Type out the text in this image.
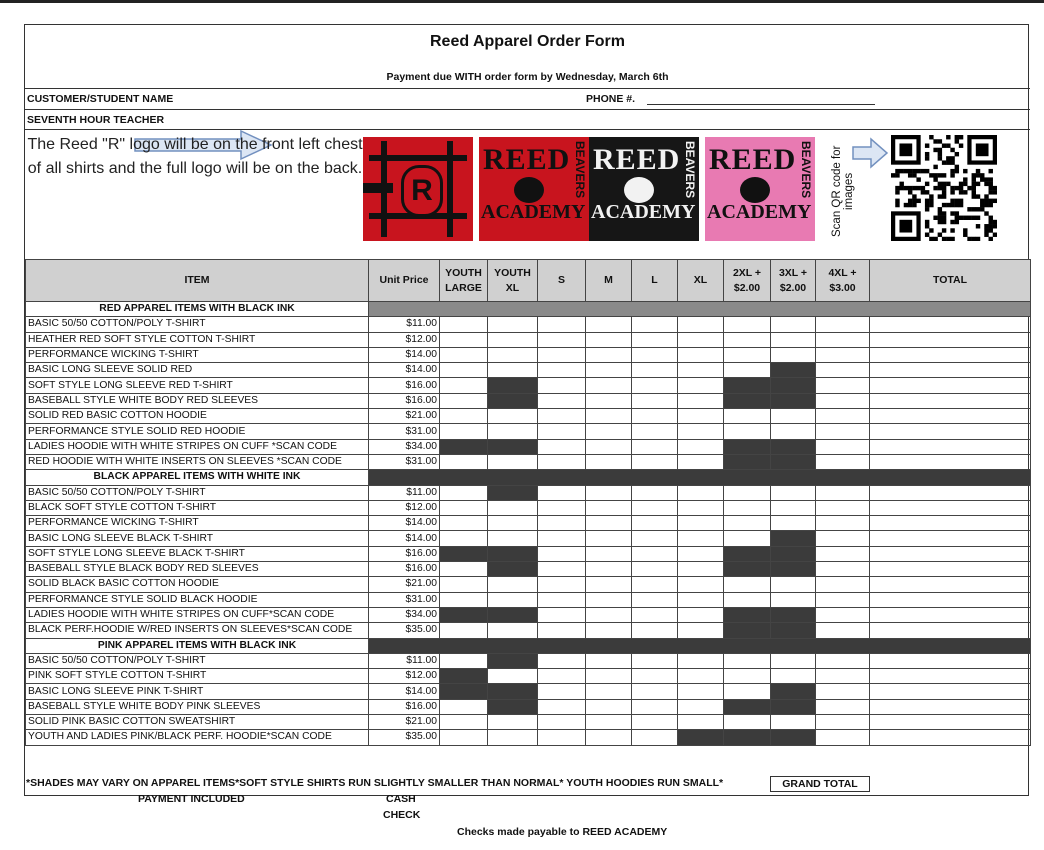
Reed Apparel Order Form
Payment due WITH order form by Wednesday, March 6th
CUSTOMER/STUDENT NAME	PHONE #.
SEVENTH HOUR TEACHER
The Reed "R" logo will be on the front left chest of all shirts and the full logo will be on the back.
R
REED
ACADEMY
BEAVERS REED
ACADEMY
BEAVERS REED
ACADEMY
BEAVERS Scan QR code for images
ITEM	Unit Price	YOUTH LARGE	YOUTH XL	S	M	L	XL	2XL + $2.00	3XL + $2.00	4XL + $3.00	TOTAL
RED APPAREL ITEMS WITH BLACK INK											
BASIC 50/50 COTTON/POLY T-SHIRT	$11.00										
HEATHER RED SOFT STYLE COTTON T-SHIRT	$12.00										
PERFORMANCE WICKING T-SHIRT	$14.00										
BASIC LONG SLEEVE SOLID RED	$14.00										
SOFT STYLE LONG SLEEVE RED T-SHIRT	$16.00										
BASEBALL STYLE WHITE BODY RED SLEEVES	$16.00										
SOLID RED BASIC COTTON HOODIE	$21.00										
PERFORMANCE STYLE SOLID RED HOODIE	$31.00										
LADIES HOODIE WITH WHITE STRIPES ON CUFF *SCAN CODE	$34.00										
RED HOODIE WITH WHITE INSERTS ON SLEEVES *SCAN CODE	$31.00										
BLACK APPAREL ITEMS WITH WHITE INK											
BASIC 50/50 COTTON/POLY T-SHIRT	$11.00										
BLACK SOFT STYLE COTTON T-SHIRT	$12.00										
PERFORMANCE WICKING T-SHIRT	$14.00										
BASIC LONG SLEEVE BLACK T-SHIRT	$14.00										
SOFT STYLE LONG SLEEVE BLACK T-SHIRT	$16.00										
BASEBALL STYLE BLACK BODY RED SLEEVES	$16.00										
SOLID BLACK BASIC COTTON HOODIE	$21.00										
PERFORMANCE STYLE SOLID BLACK HOODIE	$31.00										
LADIES HOODIE WITH WHITE STRIPES ON CUFF*SCAN CODE	$34.00										
BLACK PERF.HOODIE W/RED INSERTS ON SLEEVES*SCAN CODE	$35.00										
PINK APPAREL ITEMS WITH BLACK INK											
BASIC 50/50 COTTON/POLY T-SHIRT	$11.00										
PINK SOFT STYLE COTTON T-SHIRT	$12.00										
BASIC LONG SLEEVE PINK T-SHIRT	$14.00										
BASEBALL STYLE WHITE BODY PINK SLEEVES	$16.00										
SOLID PINK BASIC COTTON SWEATSHIRT	$21.00										
YOUTH AND LADIES PINK/BLACK PERF. HOODIE*SCAN CODE	$35.00										
*SHADES MAY VARY ON APPAREL ITEMS*SOFT STYLE SHIRTS RUN SLIGHTLY SMALLER THAN NORMAL* YOUTH HOODIES RUN SMALL*	GRAND TOTAL
PAYMENT INCLUDED	CASH
CHECK
Checks made payable to REED ACADEMY
